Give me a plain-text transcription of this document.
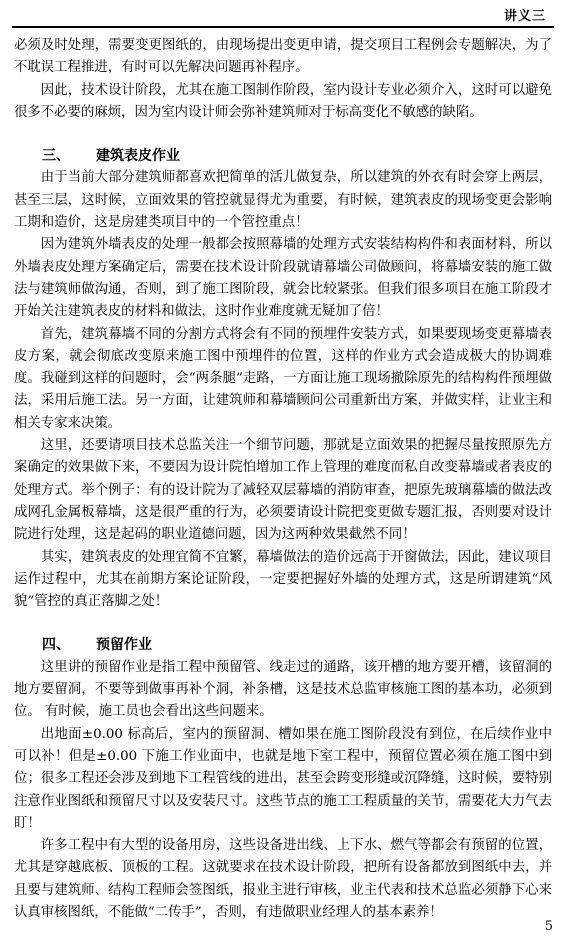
讲义三

必须及时处理，需要变更图纸的，由现场提出变更申请，提交项目工程例会专题解决，为了不耽误工程推进，有时可以先解决问题再补程序。

因此，技术设计阶段，尤其在施工图制作阶段，室内设计专业必须介入，这时可以避免很多不必要的麻烦，因为室内设计师会弥补建筑师对于标高变化不敏感的缺陷。

三、 建筑表皮作业

由于当前大部分建筑师都喜欢把简单的活儿做复杂，所以建筑的外衣有时会穿上两层，甚至三层，这时候，立面效果的管控就显得尤为重要，有时候，建筑表皮的现场变更会影响工期和造价，这是房建类项目中的一个管控重点！

因为建筑外墙表皮的处理一般都会按照幕墙的处理方式安装结构构件和表面材料，所以外墙表皮处理方案确定后，需要在技术设计阶段就请幕墙公司做顾问，将幕墙安装的施工做法与建筑师做沟通，否则，到了施工图阶段，就会比较紧张。但我们很多项目在施工阶段才开始关注建筑表皮的材料和做法，这时作业难度就无疑加了倍！

首先，建筑幕墙不同的分割方式将会有不同的预埋件安装方式，如果要现场变更幕墙表皮方案，就会彻底改变原来施工图中预埋件的位置，这样的作业方式会造成极大的协调难度。我碰到这样的问题时，会“两条腿”走路，一方面让施工现场撤除原先的结构构件预埋做法，采用后施工法。另一方面，让建筑师和幕墙顾问公司重新出方案，并做实样，让业主和相关专家来决策。

这里，还要请项目技术总监关注一个细节问题，那就是立面效果的把握尽量按照原先方案确定的效果做下来，不要因为设计院怕增加工作上管理的难度而私自改变幕墙或者表皮的处理方式。举个例子：有的设计院为了减轻双层幕墙的消防审查，把原先玻璃幕墙的做法改成网孔金属板幕墙，这是很严重的行为，必须要请设计院把变更做专题汇报，否则要对设计院进行处理，这是起码的职业道德问题，因为这两种效果截然不同！

其实，建筑表皮的处理宜简不宜繁，幕墙做法的造价远高于开窗做法，因此，建议项目运作过程中，尤其在前期方案论证阶段，一定要把握好外墙的处理方式，这是所谓建筑“风貌”管控的真正落脚之处！

四、 预留作业

这里讲的预留作业是指工程中预留管、线走过的通路，该开槽的地方要开槽，该留洞的地方要留洞，不要等到做事再补个洞，补条槽，这是技术总监审核施工图的基本功，必须到位。 有时候，施工员也会看出这些问题来。

出地面±0.00 标高后，室内的预留洞、槽如果在施工图阶段没有到位，在后续作业中可以补！但是±0.00 下施工作业面中，也就是地下室工程中，预留位置必须在施工图中到位；很多工程还会涉及到地下工程管线的进出，甚至会跨变形缝或沉降缝，这时候，要特别注意作业图纸和预留尺寸以及安装尺寸。这些节点的施工工程质量的关节，需要花大力气去盯！

许多工程中有大型的设备用房，这些设备进出线、上下水、燃气等都会有预留的位置，尤其是穿越底板、顶板的工程。这就要求在技术设计阶段，把所有设备都放到图纸中去，并且要与建筑师、结构工程师会签图纸，报业主进行审核，业主代表和技术总监必须静下心来认真审核图纸，不能做“二传手”，否则，有违做职业经理人的基本素养！

5
